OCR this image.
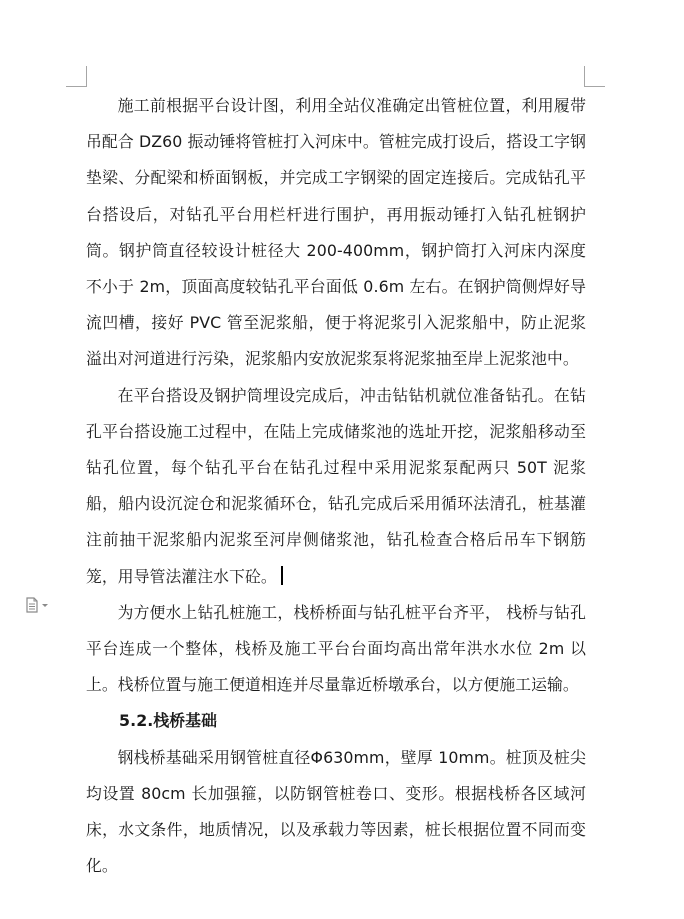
施工前根据平台设计图，利用全站仪准确定出管桩位置，利用履带吊配合 DZ60 振动锤将管桩打入河床中。管桩完成打设后，搭设工字钢垫梁、分配梁和桥面钢板，并完成工字钢梁的固定连接后。完成钻孔平台搭设后，对钻孔平台用栏杆进行围护，再用振动锤打入钻孔桩钢护筒。钢护筒直径较设计桩径大 200-400mm，钢护筒打入河床内深度不小于 2m，顶面高度较钻孔平台面低 0.6m 左右。在钢护筒侧焊好导流凹槽，接好 PVC 管至泥浆船，便于将泥浆引入泥浆船中，防止泥浆溢出对河道进行污染，泥浆船内安放泥浆泵将泥浆抽至岸上泥浆池中。

在平台搭设及钢护筒埋设完成后，冲击钻钻机就位准备钻孔。在钻孔平台搭设施工过程中，在陆上完成储浆池的选址开挖，泥浆船移动至钻孔位置，每个钻孔平台在钻孔过程中采用泥浆泵配两只 50T 泥浆船，船内设沉淀仓和泥浆循环仓，钻孔完成后采用循环法清孔，桩基灌注前抽干泥浆船内泥浆至河岸侧储浆池，钻孔检查合格后吊车下钢筋笼，用导管法灌注水下砼。

为方便水上钻孔桩施工，栈桥桥面与钻孔桩平台齐平， 栈桥与钻孔平台连成一个整体，栈桥及施工平台台面均高出常年洪水水位 2m 以上。栈桥位置与施工便道相连并尽量靠近桥墩承台，以方便施工运输。

5.2.栈桥基础

钢栈桥基础采用钢管桩直径Φ630mm，壁厚 10mm。桩顶及桩尖均设置 80cm 长加强箍，以防钢管桩卷口、变形。根据栈桥各区域河床，水文条件，地质情况，以及承载力等因素，桩长根据位置不同而变化。
